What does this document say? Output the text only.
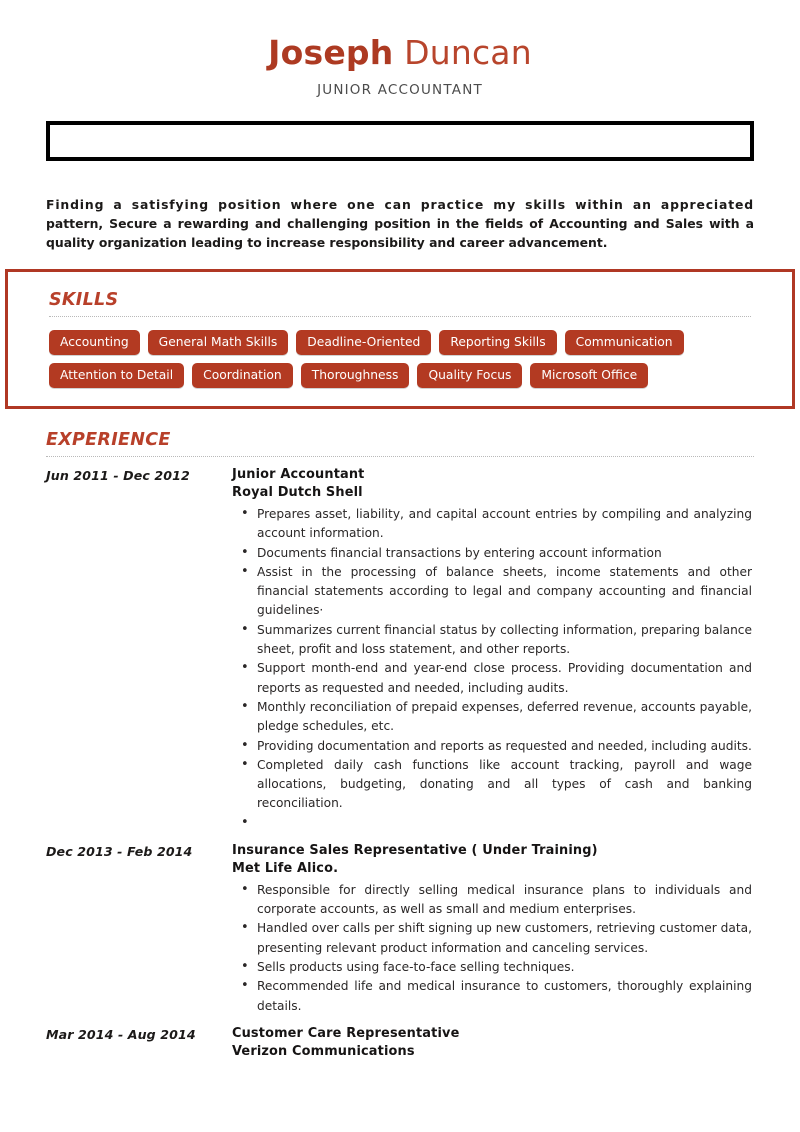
Joseph Duncan
JUNIOR ACCOUNTANT
Finding a satisfying position where one can practice my skills within an appreciated pattern, Secure a rewarding and challenging position in the fields of Accounting and Sales with a quality organization leading to increase responsibility and career advancement.
SKILLS
Accounting	General Math Skills	Deadline-Oriented	Reporting Skills	Communication
Attention to Detail	Coordination	Thoroughness	Quality Focus	Microsoft Office
EXPERIENCE
Jun 2011 - Dec 2012	Junior Accountant
Royal Dutch Shell
• Prepares asset, liability, and capital account entries by compiling and analyzing account information.
• Documents financial transactions by entering account information
• Assist in the processing of balance sheets, income statements and other financial statements according to legal and company accounting and financial guidelines·
• Summarizes current financial status by collecting information, preparing balance sheet, profit and loss statement, and other reports.
• Support month-end and year-end close process. Providing documentation and reports as requested and needed, including audits.
• Monthly reconciliation of prepaid expenses, deferred revenue, accounts payable, pledge schedules, etc.
• Providing documentation and reports as requested and needed, including audits.
• Completed daily cash functions like account tracking, payroll and wage allocations, budgeting, donating and all types of cash and banking reconciliation.
•
Dec 2013 - Feb 2014	Insurance Sales Representative ( Under Training)
Met Life Alico.
• Responsible for directly selling medical insurance plans to individuals and corporate accounts, as well as small and medium enterprises.
• Handled over calls per shift signing up new customers, retrieving customer data, presenting relevant product information and canceling services.
• Sells products using face-to-face selling techniques.
• Recommended life and medical insurance to customers, thoroughly explaining details.
Mar 2014 - Aug 2014	Customer Care Representative
Verizon Communications
